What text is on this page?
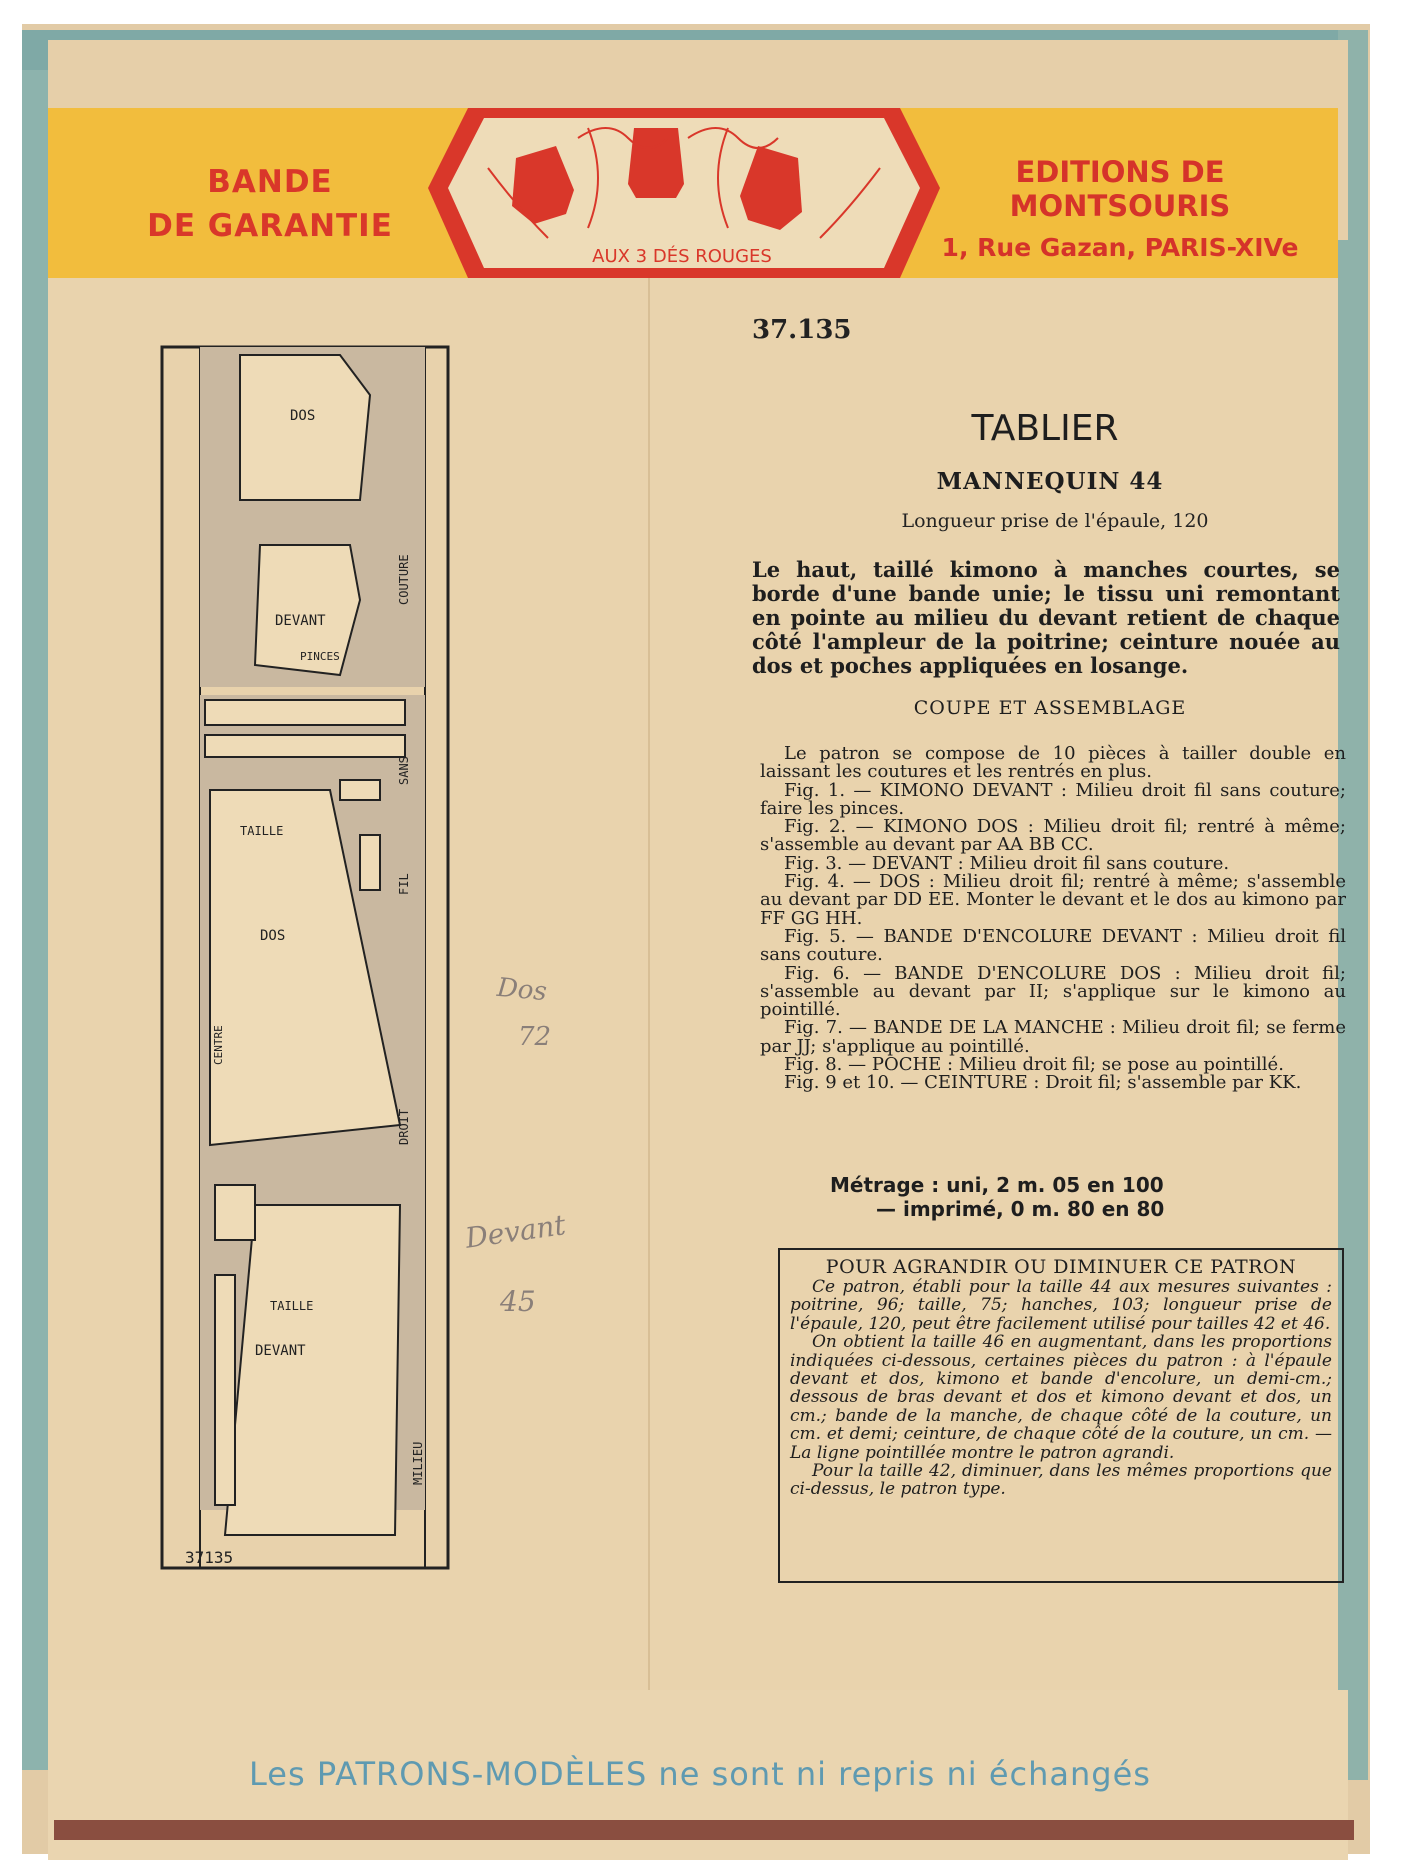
BANDE
DE GARANTIE
AUX 3 DÉS ROUGES
EDITIONS DE MONTSOURIS
1, Rue Gazan, PARIS-XIVe
37.135
TABLIER
MANNEQUIN 44
Longueur prise de l'épaule, 120
Le haut, taillé kimono à manches courtes, se borde d'une bande unie; le tissu uni remontant en pointe au milieu du devant retient de chaque côté l'ampleur de la poitrine; ceinture nouée au dos et poches appliquées en losange.
COUPE ET ASSEMBLAGE

Le patron se compose de 10 pièces à tailler double en laissant les coutures et les rentrés en plus.

Fig. 1. — KIMONO DEVANT : Milieu droit fil sans couture; faire les pinces.

Fig. 2. — KIMONO DOS : Milieu droit fil; rentré à même; s'assemble au devant par AA BB CC.

Fig. 3. — DEVANT : Milieu droit fil sans couture.

Fig. 4. — DOS : Milieu droit fil; rentré à même; s'assemble au devant par DD EE. Monter le devant et le dos au kimono par FF GG HH.

Fig. 5. — BANDE D'ENCOLURE DEVANT : Milieu droit fil sans couture.

Fig. 6. — BANDE D'ENCOLURE DOS : Milieu droit fil; s'assemble au devant par II; s'applique sur le kimono au pointillé.

Fig. 7. — BANDE DE LA MANCHE : Milieu droit fil; se ferme par JJ; s'applique au pointillé.

Fig. 8. — POCHE : Milieu droit fil; se pose au pointillé.

Fig. 9 et 10. — CEINTURE : Droit fil; s'assemble par KK.

Métrage : uni, 2 m. 05 en 100
— imprimé, 0 m. 80 en 80
POUR AGRANDIR OU DIMINUER CE PATRON

Ce patron, établi pour la taille 44 aux mesures suivantes : poitrine, 96; taille, 75; hanches, 103; longueur prise de l'épaule, 120, peut être facilement utilisé pour tailles 42 et 46.

On obtient la taille 46 en augmentant, dans les proportions indiquées ci-dessous, certaines pièces du patron : à l'épaule devant et dos, kimono et bande d'encolure, un demi-cm.; dessous de bras devant et dos et kimono devant et dos, un cm.; bande de la manche, de chaque côté de la couture, un cm. et demi; ceinture, de chaque côté de la couture, un cm. — La ligne pointillée montre le patron agrandi.

Pour la taille 42, diminuer, dans les mêmes proportions que ci-dessus, le patron type.

DOS
DEVANT
PINCES
TAILLE
DOS
TAILLE
DEVANT
COUTURE
SANS
FIL
DROIT
MILIEU
CENTRE
37135
Dos
72
Devant
45
Les PATRONS-MODÈLES ne sont ni repris ni échangés
